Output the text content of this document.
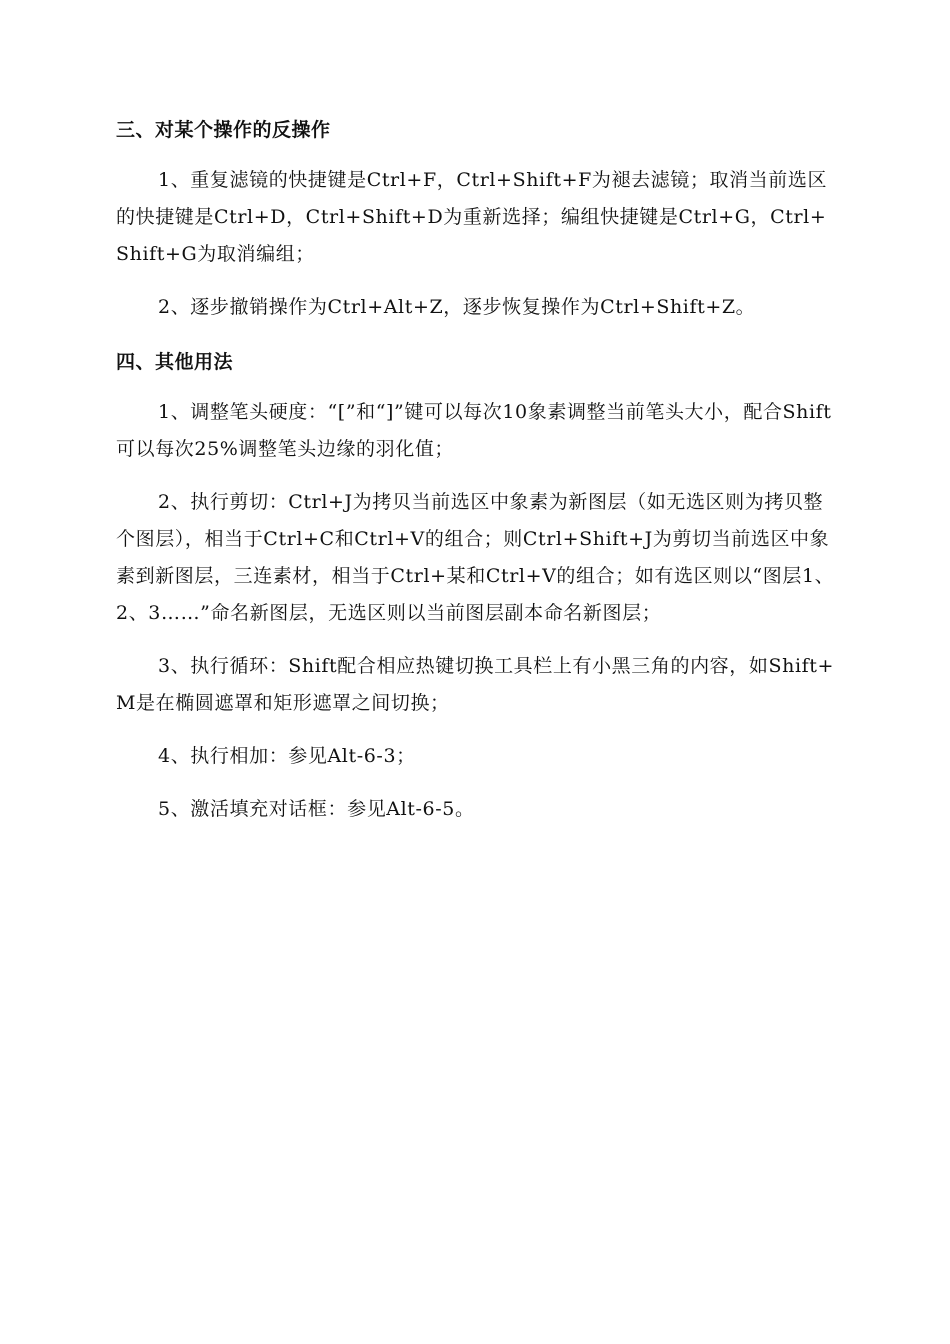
三、对某个操作的反操作

1、重复滤镜的快捷键是Ctrl+F，Ctrl+Shift+F为褪去滤镜；取消当前选区的快捷键是Ctrl+D，Ctrl+Shift+D为重新选择；编组快捷键是Ctrl+G，Ctrl+Shift+G为取消编组；

2、逐步撤销操作为Ctrl+Alt+Z，逐步恢复操作为Ctrl+Shift+Z。

四、其他用法

1、调整笔头硬度：“[”和“]”键可以每次10象素调整当前笔头大小，配合Shift可以每次25%调整笔头边缘的羽化值；

2、执行剪切：Ctrl+J为拷贝当前选区中象素为新图层（如无选区则为拷贝整个图层），相当于Ctrl+C和Ctrl+V的组合；则Ctrl+Shift+J为剪切当前选区中象素到新图层，三连素材，相当于Ctrl+某和Ctrl+V的组合；如有选区则以“图层1、2、3……”命名新图层，无选区则以当前图层副本命名新图层；

3、执行循环：Shift配合相应热键切换工具栏上有小黑三角的内容，如Shift+M是在椭圆遮罩和矩形遮罩之间切换；

4、执行相加：参见Alt-6-3；

5、激活填充对话框：参见Alt-6-5。
